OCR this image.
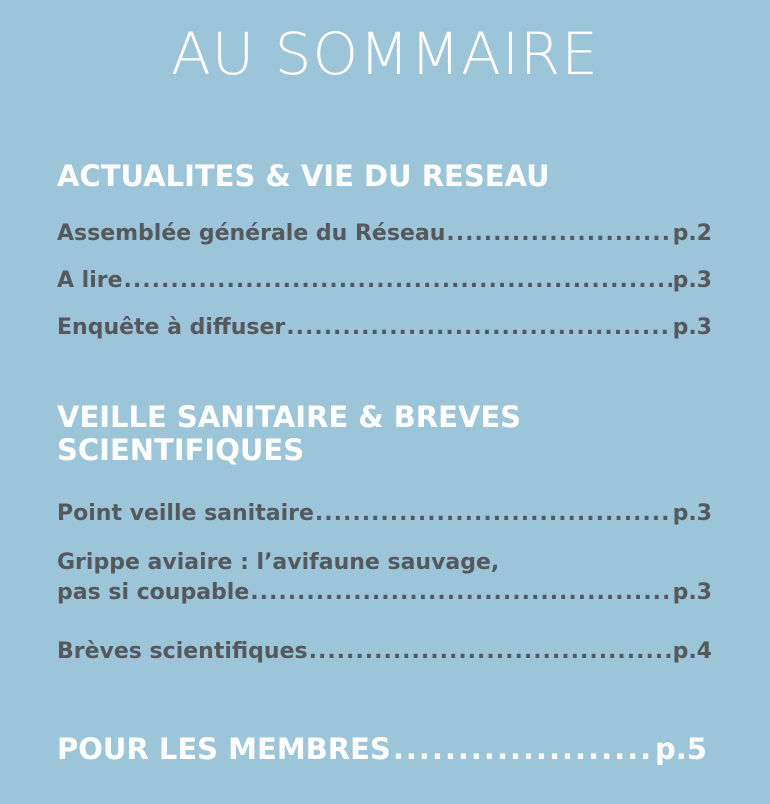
AU SOMMAIRE
ACTUALITES & VIE DU RESEAU
Assemblée générale du Réseau .....	p.2
A lire .....	p.3
Enquête à diffuser .....	p.3
VEILLE SANITAIRE & BREVES
SCIENTIFIQUES
Point veille sanitaire .....	p.3
Grippe aviaire : l’avifaune sauvage,
pas si coupable .....	p.3
Brèves scientifiques .....	p.4
POUR LES MEMBRES .....	p.5
